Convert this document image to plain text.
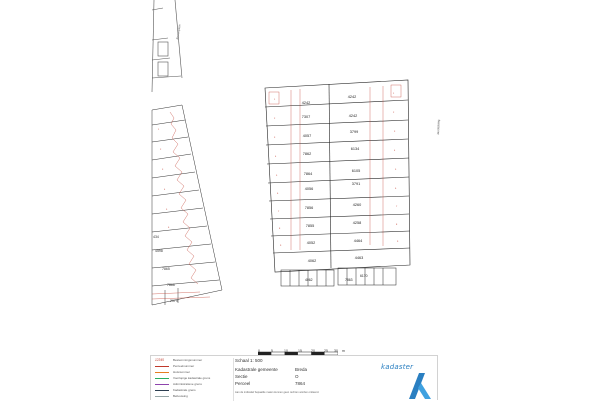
Jeroenplein
434
4598
7865
7866
2079
Jacobsteeg
4242
7307
4057
7862
7864
4056
7856
7855
4052
4062
4242
4242
3799
6134
6105
3791
4260
4258
4464
4463
4062
6170
7863
1
2
3
4
5
6
7
8
9
1
2
3
4
5
6
7
8
9
1
2
3
4
5
6
0	5	10	15	20	25 30 m
12345	Bestemmingsnummer
Perceelnummer
Huisnummer
Voorlopige kadastrale grens
Administratieve grens
Kadastrale grens
Bebouwing
Schaal 1: 500
Kadastrale gemeente	Breda
Sectie	O
Perceel	7864
Aan de indicatief bepaalde maten kunnen geen rechten worden ontleend.
kadaster
